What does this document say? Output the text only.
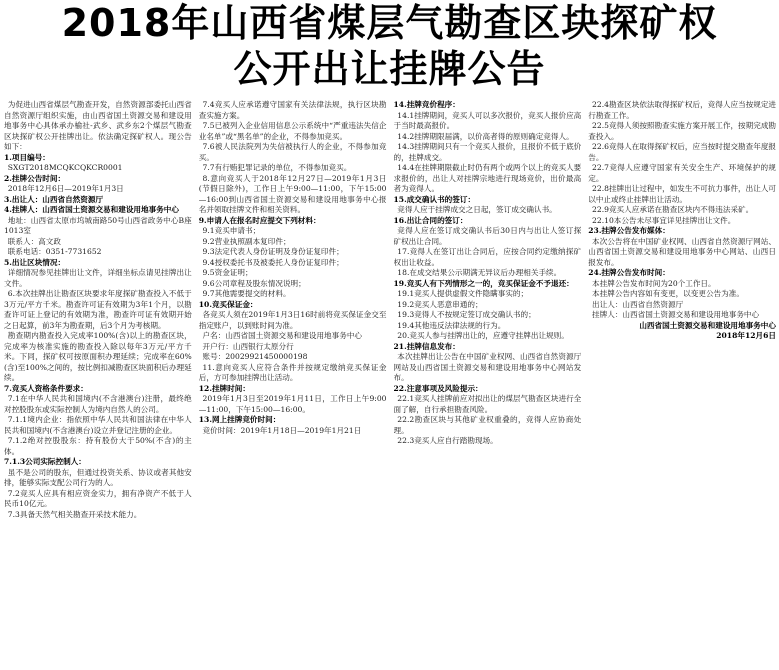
2018年山西省煤层气勘查区块探矿权
公开出让挂牌公告

为促进山西省煤层气勘查开发，自然资源部委托山西省自然资源厅组织实施，由山西省国土资源交易和建设用地事务中心具体承办榆社-武乡、武乡东2个煤层气勘查区块探矿权公开挂牌出让。依法确定探矿权人。现公告如下：

1.项目编号：

SXGT2018MCQKCQKCR0001

2.挂牌公告时间：

2018年12月6日—2019年1月3日

3.出让人：山西省自然资源厅

4.挂牌人：山西省国土资源交易和建设用地事务中心

地址：山西省太原市坞城南路50号山西省政务中心B座1013室

联系人：高文政

联系电话：0351-7731652

5.出让区块情况：

详细情况参见挂牌出让文件，详细坐标点请见挂牌出让文件。

6.本次挂牌出让勘查区块要求年度探矿勘查投入不低于3万元/平方千米。勘查许可证有效期为3年1个月，以勘查许可证上登记的有效期为准，勘查许可证有效期开始之日起算，前3年为勘查期，后3个月为考核期。

勘查期内勘查投入完成率100%(含)以上的勘查区块，完成率为核准实施的勘查投入除以每年3万元/平方千米。下同，探矿权可按原面积办理延续；完成率在60%(含)至100%之间的，按比例扣减勘查区块面积后办理延续。

7.竞买人资格条件要求：

7.1在中华人民共和国境内(不含港澳台)注册，最终绝对控股股东或实际控制人为境内自然人的公司。

7.1.1境内企业：指依照中华人民共和国法律在中华人民共和国境内(不含港澳台)设立并登记注册的企业。

7.1.2绝对控股股东：持有股份大于50%(不含)的主体。

7.1.3公司实际控制人：

虽不是公司的股东，但通过投资关系、协议或者其他安排，能够实际支配公司行为的人。

7.2竞买人应具有相应资金实力，拥有净资产不低于人民币10亿元。

7.3具备天然气相关勘查开采技术能力。

7.4竞买人应承诺遵守国家有关法律法规，执行区块勘查实施方案。

7.5已被列入企业信用信息公示系统中“严重违法失信企业名单”或“黑名单”的企业，不得参加竞买。

7.6被人民法院列为失信被执行人的企业，不得参加竞买。

7.7有行贿犯罪记录的单位，不得参加竞买。

8.意向竞买人于2018年12月27日—2019年1月3日(节假日除外)，工作日上午9:00—11:00，下午15:00—16:00到山西省国土资源交易和建设用地事务中心报名并领取挂牌文件和相关资料。

9.申请人在报名时应提交下列材料：

9.1竞买申请书；

9.2营业执照副本复印件；

9.3法定代表人身份证明及身份证复印件；

9.4授权委托书及被委托人身份证复印件；

9.5资金证明；

9.6公司章程及股东情况说明；

9.7其他需要提交的材料。

10.竞买保证金：

各竞买人须在2019年1月3日16时前将竞买保证金交至指定账户，以到账时间为准。

户名：山西省国土资源交易和建设用地事务中心

开户行：山西银行太原分行

账号：20029921450000198

11.意向竞买人应符合条件并按规定缴纳竞买保证金后，方可参加挂牌出让活动。

12.挂牌时间：

2019年1月3日至2019年1月11日，工作日上午9:00—11:00，下午15:00—16:00。

13.网上挂牌竞价时间：

竞价时间：2019年1月18日—2019年1月21日

14.挂牌竞价程序：

14.1挂牌期间，竞买人可以多次报价，竞买人报价应高于当时最高报价。

14.2挂牌期限届满，以价高者得的原则确定竞得人。

14.3挂牌期间只有一个竞买人报价，且报价不低于底价的，挂牌成交。

14.4在挂牌期限截止时仍有两个或两个以上的竞买人要求报价的，出让人对挂牌宗地进行现场竞价，出价最高者为竞得人。

15.成交确认书的签订：

竞得人应于挂牌成交之日起，签订成交确认书。

16.出让合同的签订：

竞得人应在签订成交确认书后30日内与出让人签订探矿权出让合同。

17.竞得人在签订出让合同后，应按合同约定缴纳探矿权出让收益。

18.在成交结果公示期满无异议后办理相关手续。

19.竞买人有下列情形之一的，竞买保证金不予退还：

19.1竞买人提供虚假文件隐瞒事实的；

19.2竞买人恶意串通的；

19.3竞得人不按规定签订成交确认书的；

19.4其他违反法律法规的行为。

20.竞买人参与挂牌出让的，应遵守挂牌出让规则。

21.挂牌信息发布：

本次挂牌出让公告在中国矿业权网、山西省自然资源厅网站及山西省国土资源交易和建设用地事务中心网站发布。

22.注意事项及风险提示：

22.1竞买人挂牌前应对拟出让的煤层气勘查区块进行全面了解，自行承担勘查风险。

22.2勘查区块与其他矿业权重叠的，竞得人应协商处理。

22.3竞买人应自行踏勘现场。

22.4勘查区块依法取得探矿权后，竞得人应当按规定进行勘查工作。

22.5竞得人须按照勘查实施方案开展工作，按期完成勘查投入。

22.6竞得人在取得探矿权后，应当按时提交勘查年度报告。

22.7竞得人应遵守国家有关安全生产、环境保护的规定。

22.8挂牌出让过程中，如发生不可抗力事件，出让人可以中止或终止挂牌出让活动。

22.9竞买人应承诺在勘查区块内不得违法采矿。

22.10本公告未尽事宜详见挂牌出让文件。

23.挂牌公告发布媒体：

本次公告将在中国矿业权网、山西省自然资源厅网站、山西省国土资源交易和建设用地事务中心网站、山西日报发布。

24.挂牌公告发布时间：

本挂牌公告发布时间为20个工作日。

本挂牌公告内容如有变更，以变更公告为准。

出让人：山西省自然资源厅

挂牌人：山西省国土资源交易和建设用地事务中心

山西省国土资源交易和建设用地事务中心

2018年12月6日
